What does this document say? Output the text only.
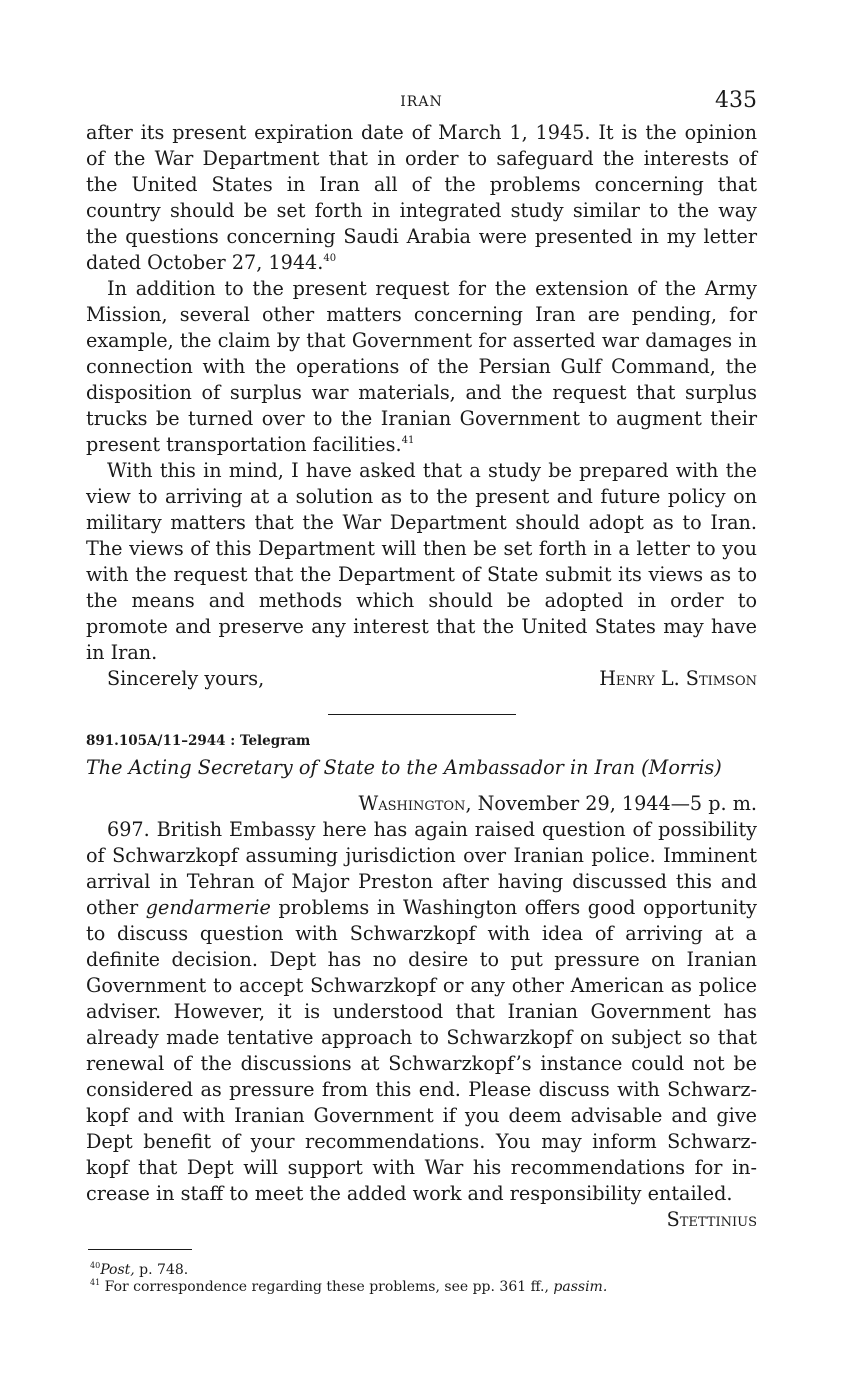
IRAN	435

after its present expiration date of March 1, 1945. It is the opinion of the War Department that in order to safeguard the interests of the United States in Iran all of the problems concerning that country should be set forth in integrated study similar to the way the questions concerning Saudi Arabia were presented in my letter dated October 27, 1944.40

In addition to the present request for the extension of the Army Mission, several other matters concerning Iran are pending, for example, the claim by that Government for asserted war damages in connection with the operations of the Persian Gulf Command, the disposition of surplus war materials, and the request that surplus trucks be turned over to the Iranian Government to augment their present transportation facilities.$^{41}$

With this in mind, I have asked that a study be prepared with the view to arriving at a solution as to the present and future policy on military matters that the War Department should adopt as to Iran. The views of this Department will then be set forth in a letter to you with the request that the Department of State submit its views as to the means and methods which should be adopted in order to promote and preserve any interest that the United States may have in Iran.

Sincerely yours,	Henry L. Stimson

891.105A/11–2944 : Telegram

The Acting Secretary of State to the Ambassador in Iran (Morris)

Washington, November 29, 1944—5 p. m.

697. British Embassy here has again raised question of possibility of Schwarzkopf assuming jurisdiction over Iranian police. Imminent arrival in Tehran of Major Preston after having discussed this and other gendarmerie problems in Washington offers good opportunity to discuss question with Schwarzkopf with idea of arriving at a definite decision. Dept has no desire to put pressure on Iranian Government to accept Schwarzkopf or any other American as police adviser. However, it is understood that Iranian Government has already made tentative approach to Schwarzkopf on subject so that renewal of the discussions at Schwarzkopf’s instance could not be considered as pressure from this end. Please discuss with Schwarzkopf and with Iranian Government if you deem advisable and give Dept benefit of your recommendations. You may inform Schwarzkopf that Dept will support with War his recommendations for increase in staff to meet the added work and responsibility entailed.

Stettinius

$^{40}$Post, p. 748.

$^{41}$ For correspondence regarding these problems, see pp. 361 ff., passim.
